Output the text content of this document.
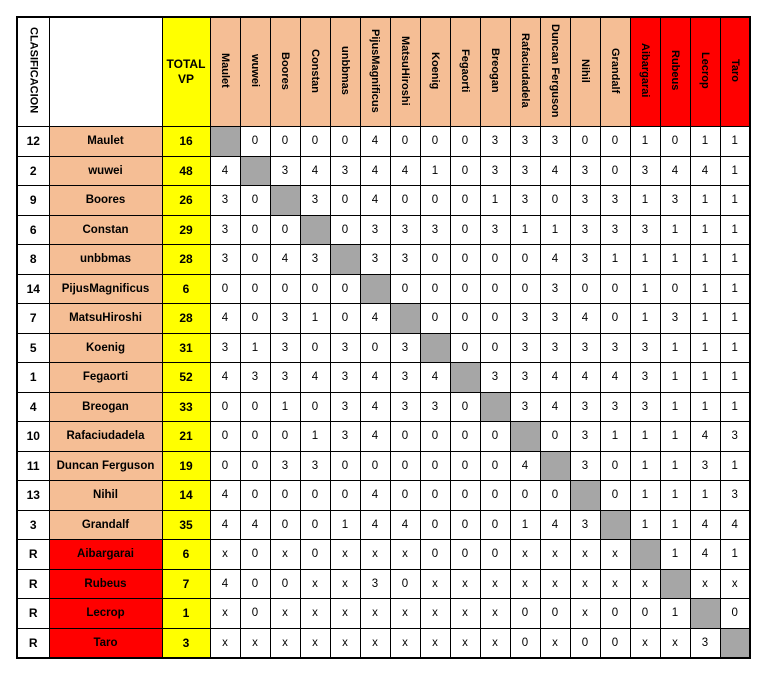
CLASIFICACION		TOTAL
VP	Maulet	wuwei	Boores	Constan	unbbmas	PijusMagnificus	MatsuHiroshi	Koenig	Fegaorti	Breogan	Rafaciudadela	Duncan Ferguson	Nihil	Grandalf	Aibargarai	Rubeus	Lecrop	Taro
12	Maulet	16		0	0	0	0	4	0	0	0	3	3	3	0	0	1	0	1	1
2	wuwei	48	4		3	4	3	4	4	1	0	3	3	4	3	0	3	4	4	1
9	Boores	26	3	0		3	0	4	0	0	0	1	3	0	3	3	1	3	1	1
6	Constan	29	3	0	0		0	3	3	3	0	3	1	1	3	3	3	1	1	1
8	unbbmas	28	3	0	4	3		3	3	0	0	0	0	4	3	1	1	1	1	1
14	PijusMagnificus	6	0	0	0	0	0		0	0	0	0	0	3	0	0	1	0	1	1
7	MatsuHiroshi	28	4	0	3	1	0	4		0	0	0	3	3	4	0	1	3	1	1
5	Koenig	31	3	1	3	0	3	0	3		0	0	3	3	3	3	3	1	1	1
1	Fegaorti	52	4	3	3	4	3	4	3	4		3	3	4	4	4	3	1	1	1
4	Breogan	33	0	0	1	0	3	4	3	3	0		3	4	3	3	3	1	1	1
10	Rafaciudadela	21	0	0	0	1	3	4	0	0	0	0		0	3	1	1	1	4	3
11	Duncan Ferguson	19	0	0	3	3	0	0	0	0	0	0	4		3	0	1	1	3	1
13	Nihil	14	4	0	0	0	0	4	0	0	0	0	0	0		0	1	1	1	3
3	Grandalf	35	4	4	0	0	1	4	4	0	0	0	1	4	3		1	1	4	4
R	Aibargarai	6	x	0	x	0	x	x	x	0	0	0	x	x	x	x		1	4	1
R	Rubeus	7	4	0	0	x	x	3	0	x	x	x	x	x	x	x	x		x	x
R	Lecrop	1	x	0	x	x	x	x	x	x	x	x	0	0	x	0	0	1		0
R	Taro	3	x	x	x	x	x	x	x	x	x	x	0	x	0	0	x	x	3	
